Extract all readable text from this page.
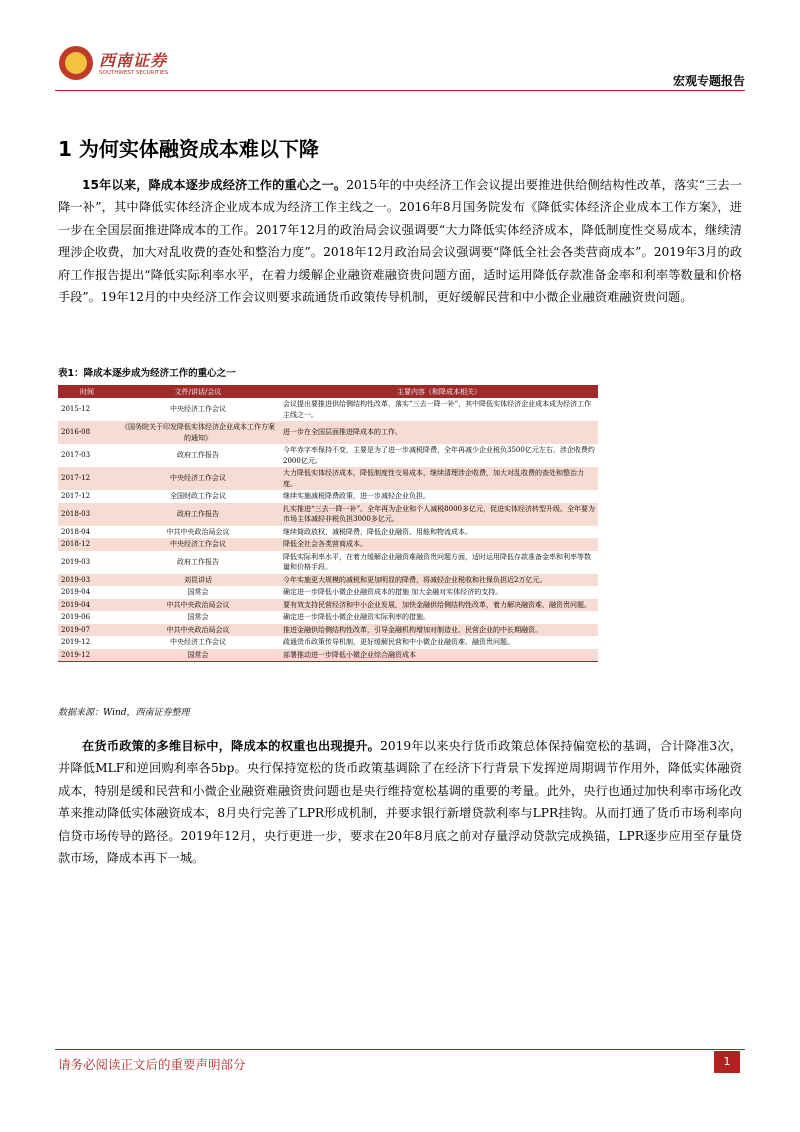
西南证券
SOUTHWEST SECURITIES
宏观专题报告
1 为何实体融资成本难以下降
15年以来，降成本逐步成经济工作的重心之一。2015年的中央经济工作会议提出要推进供给侧结构性改革，落实“三去一降一补”，其中降低实体经济企业成本成为经济工作主线之一。2016年8月国务院发布《降低实体经济企业成本工作方案》，进一步在全国层面推进降成本的工作。2017年12月的政治局会议强调要“大力降低实体经济成本，降低制度性交易成本，继续清理涉企收费，加大对乱收费的查处和整治力度”。2018年12月政治局会议强调要“降低全社会各类营商成本”。2019年3月的政府工作报告提出“降低实际利率水平，在着力缓解企业融资难融资贵问题方面，适时运用降低存款准备金率和利率等数量和价格手段”。19年12月的中央经济工作会议则要求疏通货币政策传导机制，更好缓解民营和中小微企业融资难融资贵问题。
表1：降成本逐步成为经济工作的重心之一
时间	文件/讲话/会议	主要内容（和降成本相关）
2015-12	中央经济工作会议	会议提出要推进供给侧结构性改革，落实“三去一降一补”，其中降低实体经济企业成本成为经济工作主线之一。
2016-08	《国务院关于印发降低实体经济企业成本工作方案的通知》	进一步在全国层面推进降成本的工作。
2017-03	政府工作报告	今年赤字率保持不变，主要是为了进一步减税降费，全年再减少企业税负3500亿元左右、涉企收费约2000亿元。
2017-12	中央经济工作会议	大力降低实体经济成本，降低制度性交易成本，继续清理涉企收费，加大对乱收费的查处和整治力度。
2017-12	全国财政工作会议	继续实施减税降费政策，进一步减轻企业负担。
2018-03	政府工作报告	扎实推进“三去一降一补”。全年再为企业和个人减税8000多亿元，促进实体经济转型升级。全年要为市场主体减轻非税负担3000多亿元。
2018-04	中共中央政治局会议	继续简政放权，减税降费，降低企业融资、用能和物流成本。
2018-12	中央经济工作会议	降低全社会各类营商成本。
2019-03	政府工作报告	降低实际利率水平，在着力缓解企业融资难融资贵问题方面，适时运用降低存款准备金率和利率等数量和价格手段。
2019-03	刘昆讲话	今年实施更大规模的减税和更加明显的降费，将减轻企业税收和社保负担近2万亿元。
2019-04	国常会	确定进一步降低小微企业融资成本的措施 加大金融对实体经济的支持。
2019-04	中共中央政治局会议	要有效支持民营经济和中小企业发展，加快金融供给侧结构性改革，着力解决融资难、融资贵问题。
2019-06	国常会	确定进一步降低小微企业融资实际利率的措施。
2019-07	中共中央政治局会议	推进金融供给侧结构性改革，引导金融机构增加对制造业、民营企业的中长期融资。
2019-12	中央经济工作会议	疏通货币政策传导机制，更好缓解民营和中小微企业融资难、融资贵问题。
2019-12	国常会	部署推动进一步降低小微企业综合融资成本
数据来源：Wind，西南证券整理
在货币政策的多维目标中，降成本的权重也出现提升。2019年以来央行货币政策总体保持偏宽松的基调，合计降准3次，并降低MLF和逆回购利率各5bp。央行保持宽松的货币政策基调除了在经济下行背景下发挥逆周期调节作用外，降低实体融资成本，特别是缓和民营和小微企业融资难融资贵问题也是央行维持宽松基调的重要的考量。此外，央行也通过加快利率市场化改革来推动降低实体融资成本，8月央行完善了LPR形成机制，并要求银行新增贷款利率与LPR挂钩。从而打通了货币市场利率向信贷市场传导的路径。2019年12月，央行更进一步，要求在20年8月底之前对存量浮动贷款完成换锚，LPR逐步应用至存量贷款市场，降成本再下一城。
请务必阅读正文后的重要声明部分	1
